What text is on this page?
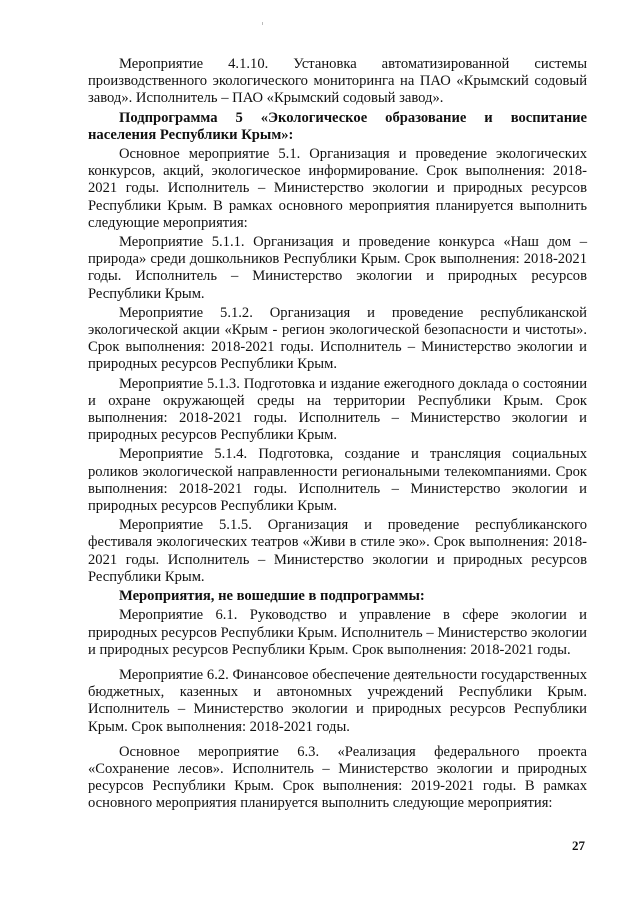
Мероприятие 4.1.10. Установка автоматизированной системы производственного экологического мониторинга на ПАО «Крымский содовый завод». Исполнитель – ПАО «Крымский содовый завод».

Подпрограмма 5 «Экологическое образование и воспитание населения Республики Крым»:

Основное мероприятие 5.1. Организация и проведение экологических конкурсов, акций, экологическое информирование. Срок выполнения: 2018-2021 годы. Исполнитель – Министерство экологии и природных ресурсов Республики Крым. В рамках основного мероприятия планируется выполнить следующие мероприятия:

Мероприятие 5.1.1. Организация и проведение конкурса «Наш дом – природа» среди дошкольников Республики Крым. Срок выполнения: 2018-2021 годы. Исполнитель – Министерство экологии и природных ресурсов Республики Крым.

Мероприятие 5.1.2. Организация и проведение республиканской экологической акции «Крым - регион экологической безопасности и чистоты». Срок выполнения: 2018-2021 годы. Исполнитель – Министерство экологии и природных ресурсов Республики Крым.

Мероприятие 5.1.3. Подготовка и издание ежегодного доклада о состоянии и охране окружающей среды на территории Республики Крым. Срок выполнения: 2018-2021 годы. Исполнитель – Министерство экологии и природных ресурсов Республики Крым.

Мероприятие 5.1.4. Подготовка, создание и трансляция социальных роликов экологической направленности региональными телекомпаниями. Срок выполнения: 2018-2021 годы. Исполнитель – Министерство экологии и природных ресурсов Республики Крым.

Мероприятие 5.1.5. Организация и проведение республиканского фестиваля экологических театров «Живи в стиле эко». Срок выполнения: 2018-2021 годы. Исполнитель – Министерство экологии и природных ресурсов Республики Крым.

Мероприятия, не вошедшие в подпрограммы:

Мероприятие 6.1. Руководство и управление в сфере экологии и природных ресурсов Республики Крым. Исполнитель – Министерство экологии и природных ресурсов Республики Крым. Срок выполнения: 2018-2021 годы.

Мероприятие 6.2. Финансовое обеспечение деятельности государственных бюджетных, казенных и автономных учреждений Республики Крым. Исполнитель – Министерство экологии и природных ресурсов Республики Крым. Срок выполнения: 2018-2021 годы.

Основное мероприятие 6.3. «Реализация федерального проекта «Сохранение лесов». Исполнитель – Министерство экологии и природных ресурсов Республики Крым. Срок выполнения: 2019-2021 годы. В рамках основного мероприятия планируется выполнить следующие мероприятия:

27
